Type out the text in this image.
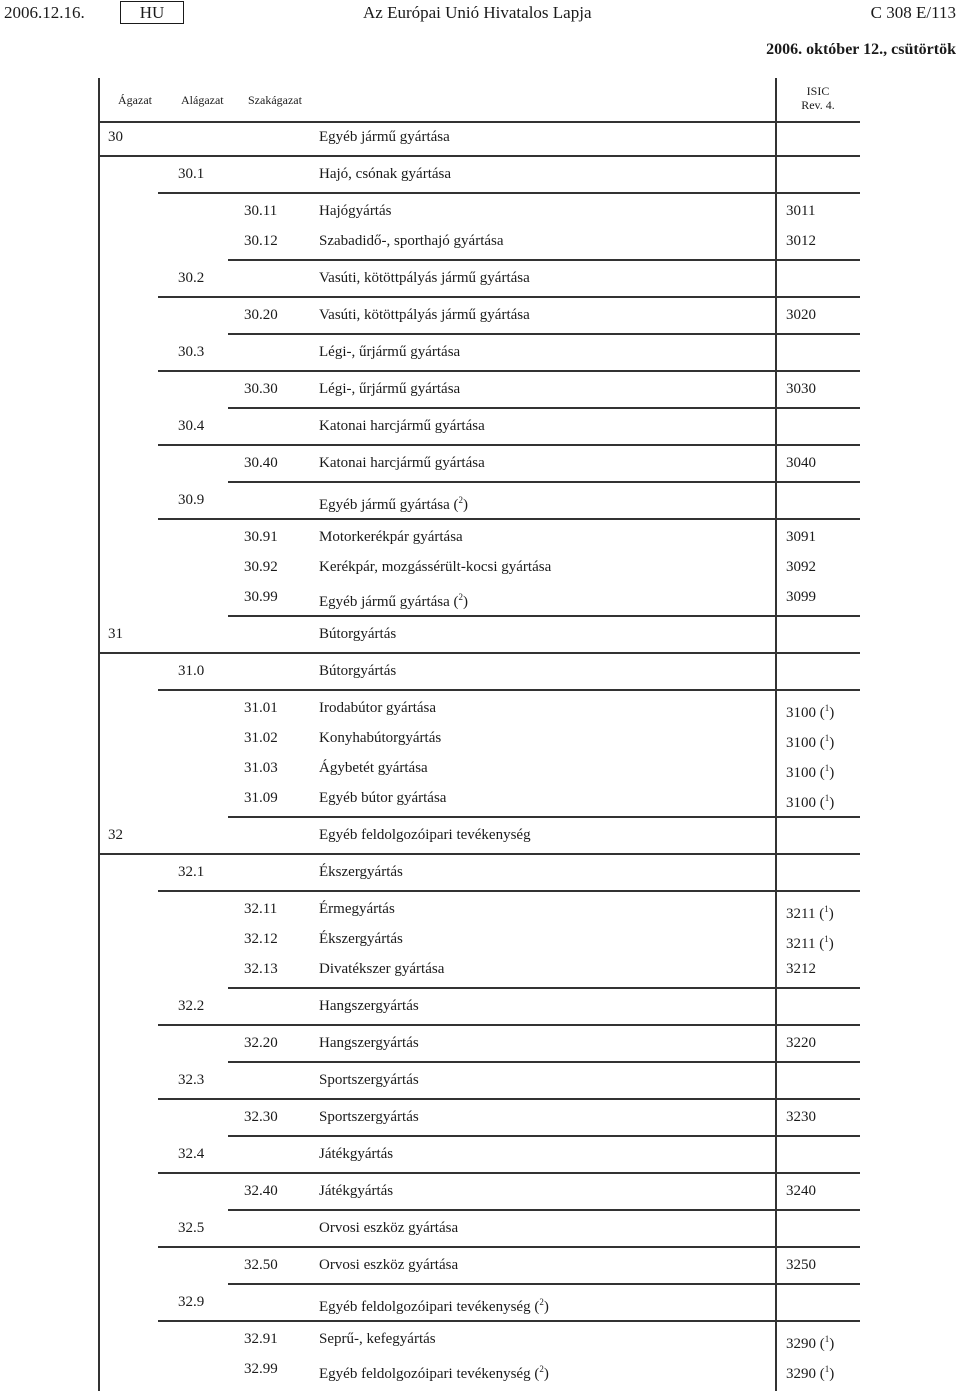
2006.12.16.	HU	Az Európai Unió Hivatalos Lapja	C 308 E/113
2006. október 12., csütörtök
Ágazat Alágazat Szakágazat
ISIC
Rev. 4.
30	Egyéb jármű gyártása
30.1	Hajó, csónak gyártása
30.11	Hajógyártás	3011
30.12	Szabadidő-, sporthajó gyártása	3012
30.2	Vasúti, kötöttpályás jármű gyártása
30.20	Vasúti, kötöttpályás jármű gyártása	3020
30.3	Légi-, űrjármű gyártása
30.30	Légi-, űrjármű gyártása	3030
30.4	Katonai harcjármű gyártása
30.40	Katonai harcjármű gyártása	3040
30.9	Egyéb jármű gyártása ($^2$)
30.91	Motorkerékpár gyártása	3091
30.92	Kerékpár, mozgássérült-kocsi gyártása	3092
30.99	Egyéb jármű gyártása ($^2$)	3099
31	Bútorgyártás
31.0	Bútorgyártás
31.01	Irodabútor gyártása	3100 ($^1$)
31.02	Konyhabútorgyártás	3100 ($^1$)
31.03	Ágybetét gyártása	3100 ($^1$)
31.09	Egyéb bútor gyártása	3100 ($^1$)
32	Egyéb feldolgozóipari tevékenység
32.1	Ékszergyártás
32.11	Érmegyártás	3211 ($^1$)
32.12	Ékszergyártás	3211 ($^1$)
32.13	Divatékszer gyártása	3212
32.2	Hangszergyártás
32.20	Hangszergyártás	3220
32.3	Sportszergyártás
32.30	Sportszergyártás	3230
32.4	Játékgyártás
32.40	Játékgyártás	3240
32.5	Orvosi eszköz gyártása
32.50	Orvosi eszköz gyártása	3250
32.9	Egyéb feldolgozóipari tevékenység ($^2$)
32.91	Seprű-, kefegyártás	3290 ($^1$)
32.99	Egyéb feldolgozóipari tevékenység ($^2$)	3290 ($^1$)
